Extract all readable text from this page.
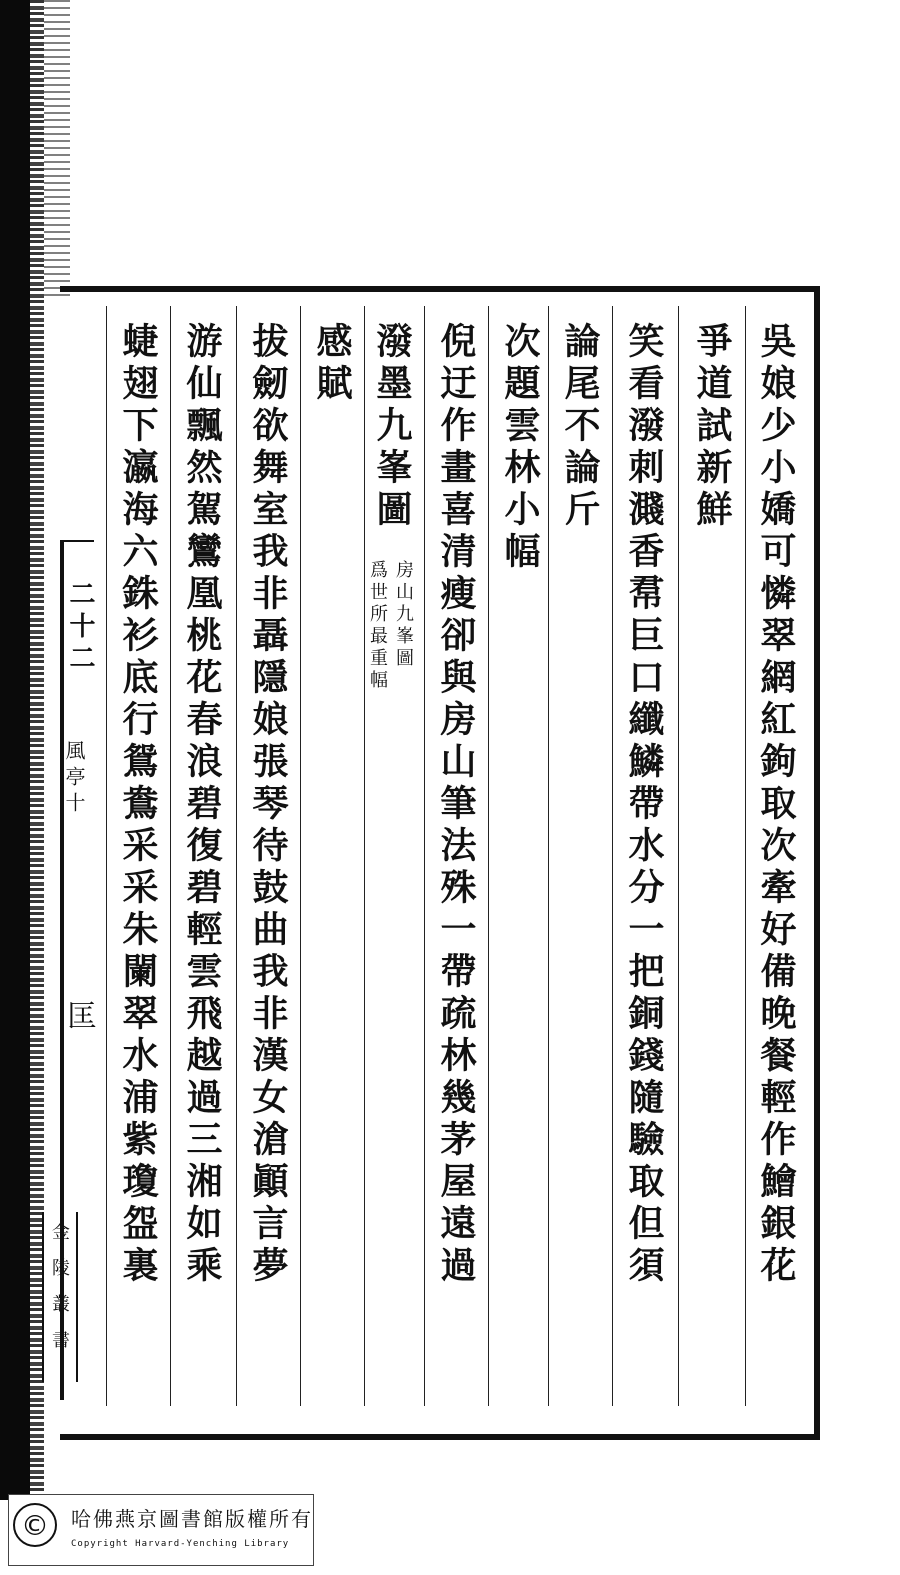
吳娘少小嬌可憐翠網紅鉤取次牽好備晚餐輕作鱠銀花
爭道試新鮮
笑看潑刺濺香帬巨口纖鱗帶水分一把銅錢隨驗取但須
論尾不論斤
次題雲林小幅
倪迂作畫喜清瘦卻與房山筆法殊一帶疏林幾茅屋遠過
潑墨九峯圖
房山九峯圖
爲世所最重幅
感賦
拔劒欲舞室我非聶隱娘張琴待鼓曲我非漢女滄顚言夢
游仙飄然駕鸞凰桃花春浪碧復碧輕雲飛越過三湘如乘
蜨翅下瀛海六銖衫底行鴛鴦采采朱闌翠水浦紫瓊盌裏
二十二
風亭十
匡
金陵叢書
©	哈佛燕京圖書館版權所有
Copyright Harvard-Yenching Library
